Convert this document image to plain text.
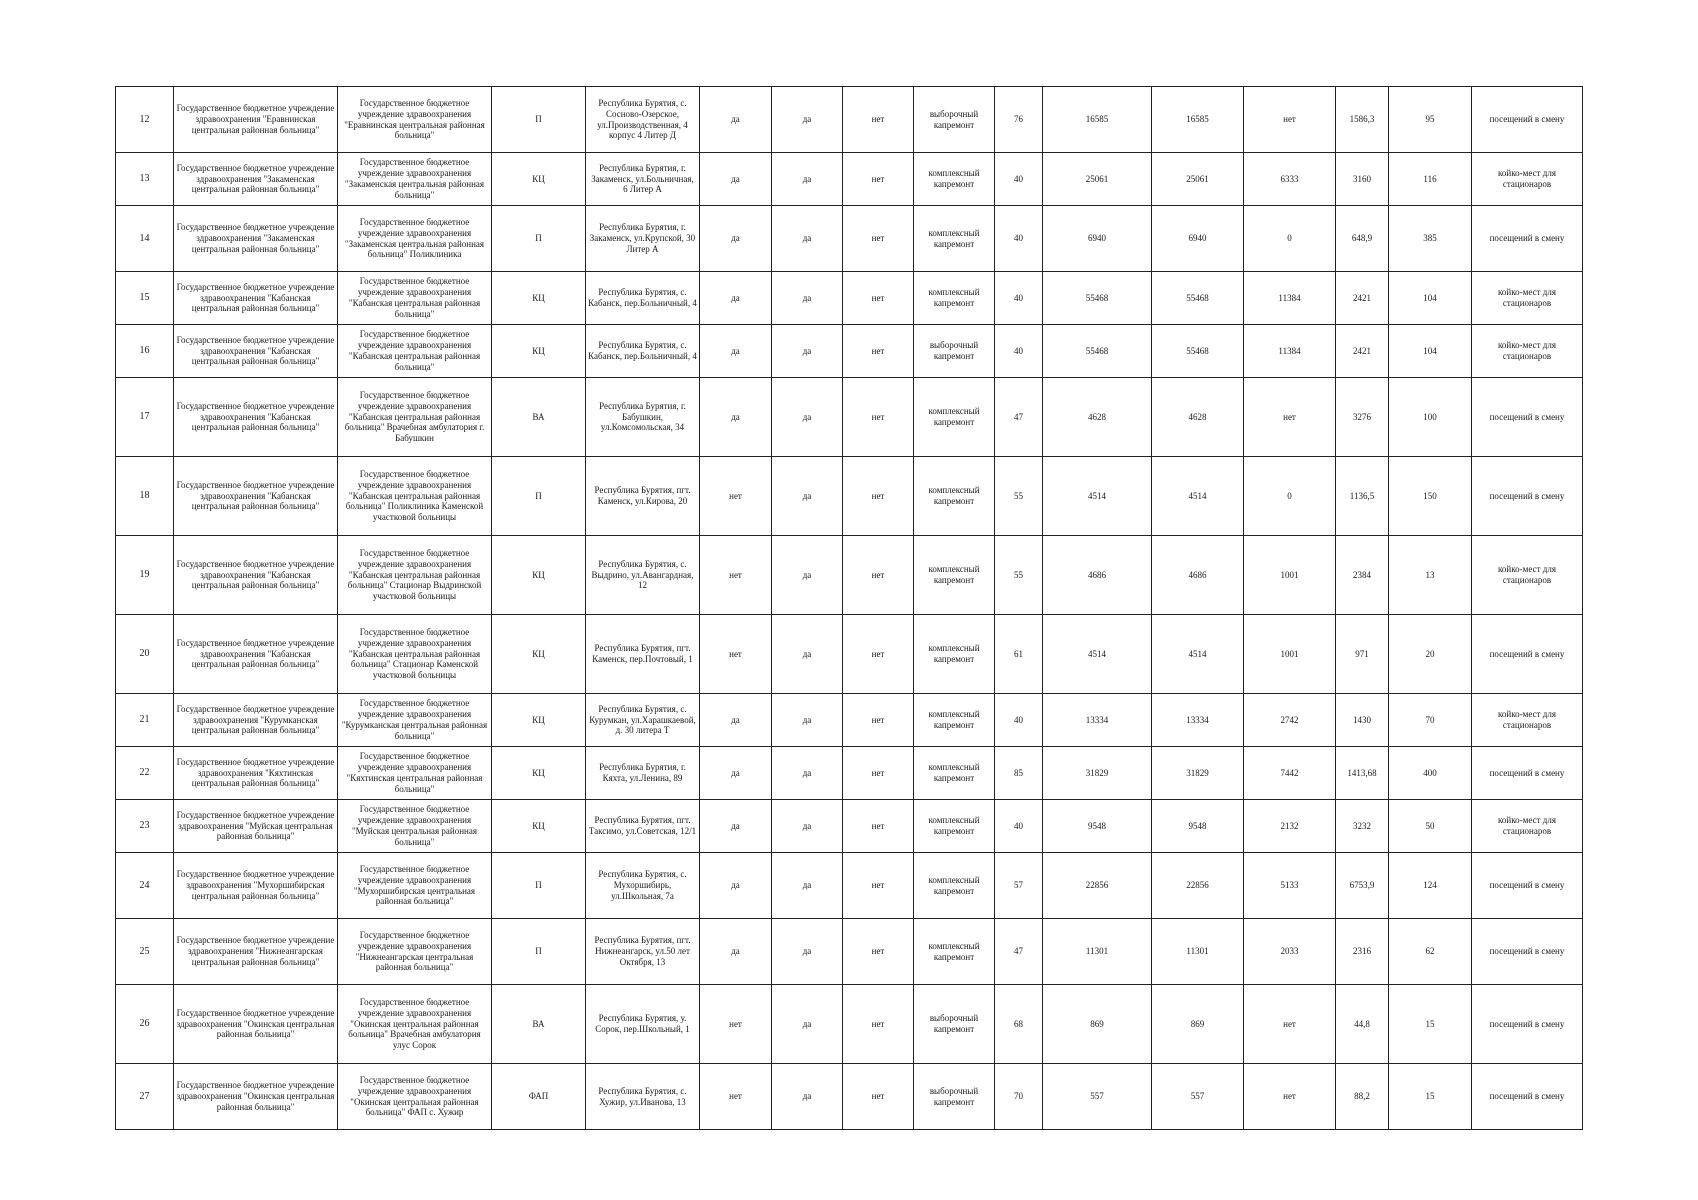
12	Государственное бюджетное учреждение здравоохранения "Еравнинская центральная районная больница"	Государственное бюджетное учреждение здравоохранения "Еравнинская центральная районная больница"	П	Республика Бурятия, с. Сосново-Озерское, ул.Производственная, 4 корпус 4 Литер Д	да	да	нет	выборочный капремонт	76	16585	16585	нет	1586,3	95	посещений в смену
13	Государственное бюджетное учреждение здравоохранения "Закаменская центральная районная больница"	Государственное бюджетное учреждение здравоохранения "Закаменская центральная районная больница"	КЦ	Республика Бурятия, г. Закаменск, ул.Больничная, 6 Литер А	да	да	нет	комплексный капремонт	40	25061	25061	6333	3160	116	койко-мест для стационаров
14	Государственное бюджетное учреждение здравоохранения "Закаменская центральная районная больница"	Государственное бюджетное учреждение здравоохранения "Закаменская центральная районная больница" Поликлиника	П	Республика Бурятия, г. Закаменск, ул.Крупской, 30 Литер А	да	да	нет	комплексный капремонт	40	6940	6940	0	648,9	385	посещений в смену
15	Государственное бюджетное учреждение здравоохранения "Кабанская центральная районная больница"	Государственное бюджетное учреждение здравоохранения "Кабанская центральная районная больница"	КЦ	Республика Бурятия, с. Кабанск, пер.Больничный, 4	да	да	нет	комплексный капремонт	40	55468	55468	11384	2421	104	койко-мест для стационаров
16	Государственное бюджетное учреждение здравоохранения "Кабанская центральная районная больница"	Государственное бюджетное учреждение здравоохранения "Кабанская центральная районная больница"	КЦ	Республика Бурятия, с. Кабанск, пер.Больничный, 4	да	да	нет	выборочный капремонт	40	55468	55468	11384	2421	104	койко-мест для стационаров
17	Государственное бюджетное учреждение здравоохранения "Кабанская центральная районная больница"	Государственное бюджетное учреждение здравоохранения "Кабанская центральная районная больница" Врачебная амбулатория г. Бабушкин	ВА	Республика Бурятия, г. Бабушкин, ул.Комсомольская, 34	да	да	нет	комплексный капремонт	47	4628	4628	нет	3276	100	посещений в смену
18	Государственное бюджетное учреждение здравоохранения "Кабанская центральная районная больница"	Государственное бюджетное учреждение здравоохранения "Кабанская центральная районная больница" Поликлиника Каменской участковой больницы	П	Республика Бурятия, пгт. Каменск, ул.Кирова, 20	нет	да	нет	комплексный капремонт	55	4514	4514	0	1136,5	150	посещений в смену
19	Государственное бюджетное учреждение здравоохранения "Кабанская центральная районная больница"	Государственное бюджетное учреждение здравоохранения "Кабанская центральная районная больница" Стационар Выдринской участковой больницы	КЦ	Республика Бурятия, с. Выдрино, ул.Авангардная, 12	нет	да	нет	комплексный капремонт	55	4686	4686	1001	2384	13	койко-мест для стационаров
20	Государственное бюджетное учреждение здравоохранения "Кабанская центральная районная больница"	Государственное бюджетное учреждение здравоохранения "Кабанская центральная районная больница" Стационар Каменской участковой больницы	КЦ	Республика Бурятия, пгт. Каменск, пер.Почтовый, 1	нет	да	нет	комплексный капремонт	61	4514	4514	1001	971	20	посещений в смену
21	Государственное бюджетное учреждение здравоохранения "Курумканская центральная районная больница"	Государственное бюджетное учреждение здравоохранения "Курумканская центральная районная больница"	КЦ	Республика Бурятия, с. Курумкан, ул.Харашкаевой, д. 30 литера Т	да	да	нет	комплексный капремонт	40	13334	13334	2742	1430	70	койко-мест для стационаров
22	Государственное бюджетное учреждение здравоохранения "Кяхтинская центральная районная больница"	Государственное бюджетное учреждение здравоохранения "Кяхтинская центральная районная больница"	КЦ	Республика Бурятия, г. Кяхта, ул.Ленина, 89	да	да	нет	комплексный капремонт	85	31829	31829	7442	1413,68	400	посещений в смену
23	Государственное бюджетное учреждение здравоохранения "Муйская центральная районная больница"	Государственное бюджетное учреждение здравоохранения "Муйская центральная районная больница"	КЦ	Республика Бурятия, пгт. Таксимо, ул.Советская, 12/1	да	да	нет	комплексный капремонт	40	9548	9548	2132	3232	50	койко-мест для стационаров
24	Государственное бюджетное учреждение здравоохранения "Мухоршибирская центральная районная больница"	Государственное бюджетное учреждение здравоохранения "Мухоршибирская центральная районная больница"	П	Республика Бурятия, с. Мухоршибирь, ул.Школьная, 7а	да	да	нет	комплексный капремонт	57	22856	22856	5133	6753,9	124	посещений в смену
25	Государственное бюджетное учреждение здравоохранения "Нижнеангарская центральная районная больница"	Государственное бюджетное учреждение здравоохранения "Нижнеангарская центральная районная больница"	П	Республика Бурятия, пгт. Нижнеангарск, ул.50 лет Октября, 13	да	да	нет	комплексный капремонт	47	11301	11301	2033	2316	62	посещений в смену
26	Государственное бюджетное учреждение здравоохранения "Окинская центральная районная больница"	Государственное бюджетное учреждение здравоохранения "Окинская центральная районная больница" Врачебная амбулатория улус Сорок	ВА	Республика Бурятия, у. Сорок, пер.Школьный, 1	нет	да	нет	выборочный капремонт	68	869	869	нет	44,8	15	посещений в смену
27	Государственное бюджетное учреждение здравоохранения "Окинская центральная районная больница"	Государственное бюджетное учреждение здравоохранения "Окинская центральная районная больница" ФАП с. Хужир	ФАП	Республика Бурятия, с. Хужир, ул.Иванова, 13	нет	да	нет	выборочный капремонт	70	557	557	нет	88,2	15	посещений в смену
